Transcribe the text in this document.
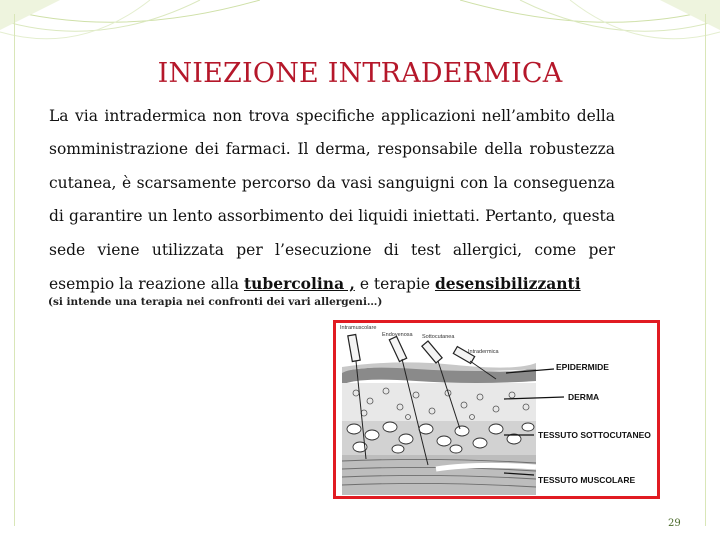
INIEZIONE INTRADERMICA
La via intradermica non trova specifiche applicazioni nell’ambito della somministrazione dei farmaci. Il derma, responsabile della robustezza cutanea, è scarsamente percorso da vasi sanguigni con la conseguenza di garantire un lento assorbimento dei liquidi iniettati. Pertanto, questa sede viene utilizzata per l’esecuzione di test allergici, come per esempio la reazione alla tubercolina , e terapie desensibilizzanti
(si intende una terapia nei confronti dei vari allergeni…)
Intramuscolare
Endovenosa Sottocutanea
Intradermica
EPIDERMIDE
DERMA
TESSUTO SOTTOCUTANEO
TESSUTO MUSCOLARE
29
